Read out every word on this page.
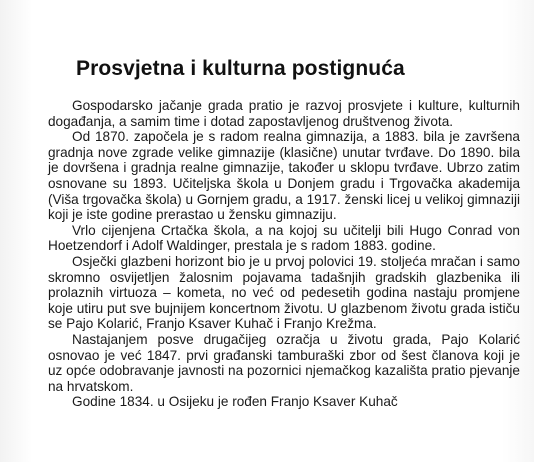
Prosvjetna i kulturna postignuća

Gospodarsko jačanje grada pratio je razvoj prosvjete i kulture, kulturnih događanja, a samim time i dotad zapostavljenog društvenog života.

Od 1870. započela je s radom realna gimnazija, a 1883. bila je završena gradnja nove zgrade velike gimnazije (klasične) unutar tvrđave. Do 1890. bila je dovršena i gradnja realne gimnazije, također u sklopu tvrđave. Ubrzo zatim osnovane su 1893. Učiteljska škola u Donjem gradu i Trgovačka akademija (Viša trgovačka škola) u Gornjem gradu, a 1917. ženski licej u velikoj gimnaziji koji je iste godine prerastao u žensku gimnaziju.

Vrlo cijenjena Crtačka škola, a na kojoj su učitelji bili Hugo Conrad von Hoetzendorf i Adolf Waldinger, prestala je s radom 1883. godine.

Osječki glazbeni horizont bio je u prvoj polovici 19. stoljeća mračan i samo skromno osvijetljen žalosnim pojavama tadašnjih gradskih glazbenika ili prolaznih virtuoza – kometa, no već od pedesetih godina nastaju promjene koje utiru put sve bujnijem koncertnom životu. U glazbenom životu grada ističu se Pajo Kolarić, Franjo Ksaver Kuhač i Franjo Krežma.

Nastajanjem posve drugačijeg ozračja u životu grada, Pajo Kolarić osnovao je već 1847. prvi građanski tamburaški zbor od šest članova koji je uz opće odobravanje javnosti na pozornici njemačkog kazališta pratio pjevanje na hrvatskom.

Godine 1834. u Osijeku je rođen Franjo Ksaver Kuhač
